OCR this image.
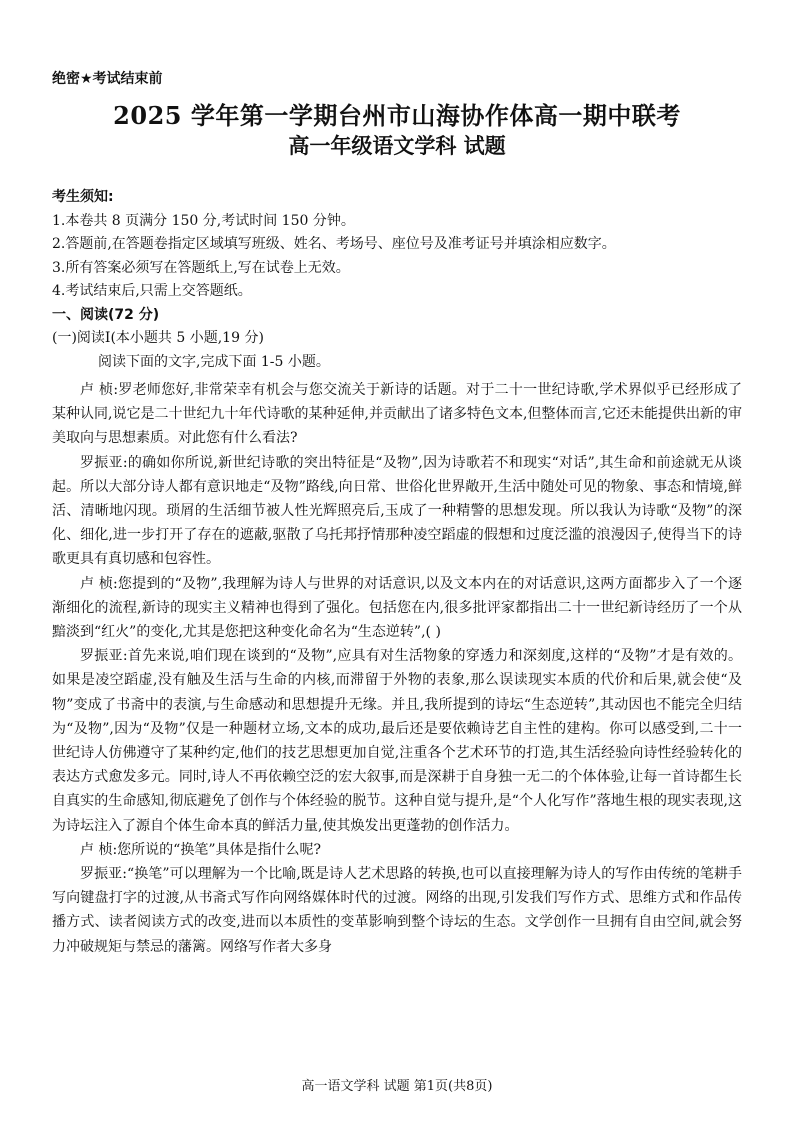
绝密★考试结束前
2025 学年第一学期台州市山海协作体高一期中联考
高一年级语文学科 试题
考生须知:
1.本卷共 8 页满分 150 分,考试时间 150 分钟。
2.答题前,在答题卷指定区域填写班级、姓名、考场号、座位号及准考证号并填涂相应数字。
3.所有答案必须写在答题纸上,写在试卷上无效。
4.考试结束后,只需上交答题纸。
一、阅读(72 分)
(一)阅读Ⅰ(本小题共 5 小题,19 分)
阅读下面的文字,完成下面 1-5 小题。

卢 桢:罗老师您好,非常荣幸有机会与您交流关于新诗的话题。对于二十一世纪诗歌,学术界似乎已经形成了某种认同,说它是二十世纪九十年代诗歌的某种延伸,并贡献出了诸多特色文本,但整体而言,它还未能提供出新的审美取向与思想素质。对此您有什么看法?

罗振亚:的确如你所说,新世纪诗歌的突出特征是“及物”,因为诗歌若不和现实“对话”,其生命和前途就无从谈起。所以大部分诗人都有意识地走“及物”路线,向日常、世俗化世界敞开,生活中随处可见的物象、事态和情境,鲜活、清晰地闪现。琐屑的生活细节被人性光辉照亮后,玉成了一种精警的思想发现。所以我认为诗歌“及物”的深化、细化,进一步打开了存在的遮蔽,驱散了乌托邦抒情那种凌空蹈虚的假想和过度泛滥的浪漫因子,使得当下的诗歌更具有真切感和包容性。

卢 桢:您提到的“及物”,我理解为诗人与世界的对话意识,以及文本内在的对话意识,这两方面都步入了一个逐渐细化的流程,新诗的现实主义精神也得到了强化。包括您在内,很多批评家都指出二十一世纪新诗经历了一个从黯淡到“红火”的变化,尤其是您把这种变化命名为“生态逆转”,( )

罗振亚:首先来说,咱们现在谈到的“及物”,应具有对生活物象的穿透力和深刻度,这样的“及物”才是有效的。如果是凌空蹈虚,没有触及生活与生命的内核,而滞留于外物的表象,那么误读现实本质的代价和后果,就会使“及物”变成了书斋中的表演,与生命感动和思想提升无缘。并且,我所提到的诗坛“生态逆转”,其动因也不能完全归结为“及物”,因为“及物”仅是一种题材立场,文本的成功,最后还是要依赖诗艺自主性的建构。你可以感受到,二十一世纪诗人仿佛遵守了某种约定,他们的技艺思想更加自觉,注重各个艺术环节的打造,其生活经验向诗性经验转化的表达方式愈发多元。同时,诗人不再依赖空泛的宏大叙事,而是深耕于自身独一无二的个体体验,让每一首诗都生长自真实的生命感知,彻底避免了创作与个体经验的脱节。这种自觉与提升,是“个人化写作”落地生根的现实表现,这为诗坛注入了源自个体生命本真的鲜活力量,使其焕发出更蓬勃的创作活力。

卢 桢:您所说的“换笔”具体是指什么呢?

罗振亚:“换笔”可以理解为一个比喻,既是诗人艺术思路的转换,也可以直接理解为诗人的写作由传统的笔耕手写向键盘打字的过渡,从书斋式写作向网络媒体时代的过渡。网络的出现,引发我们写作方式、思维方式和作品传播方式、读者阅读方式的改变,进而以本质性的变革影响到整个诗坛的生态。文学创作一旦拥有自由空间,就会努力冲破规矩与禁忌的藩篱。网络写作者大多身

高一语文学科 试题 第1页(共8页)
